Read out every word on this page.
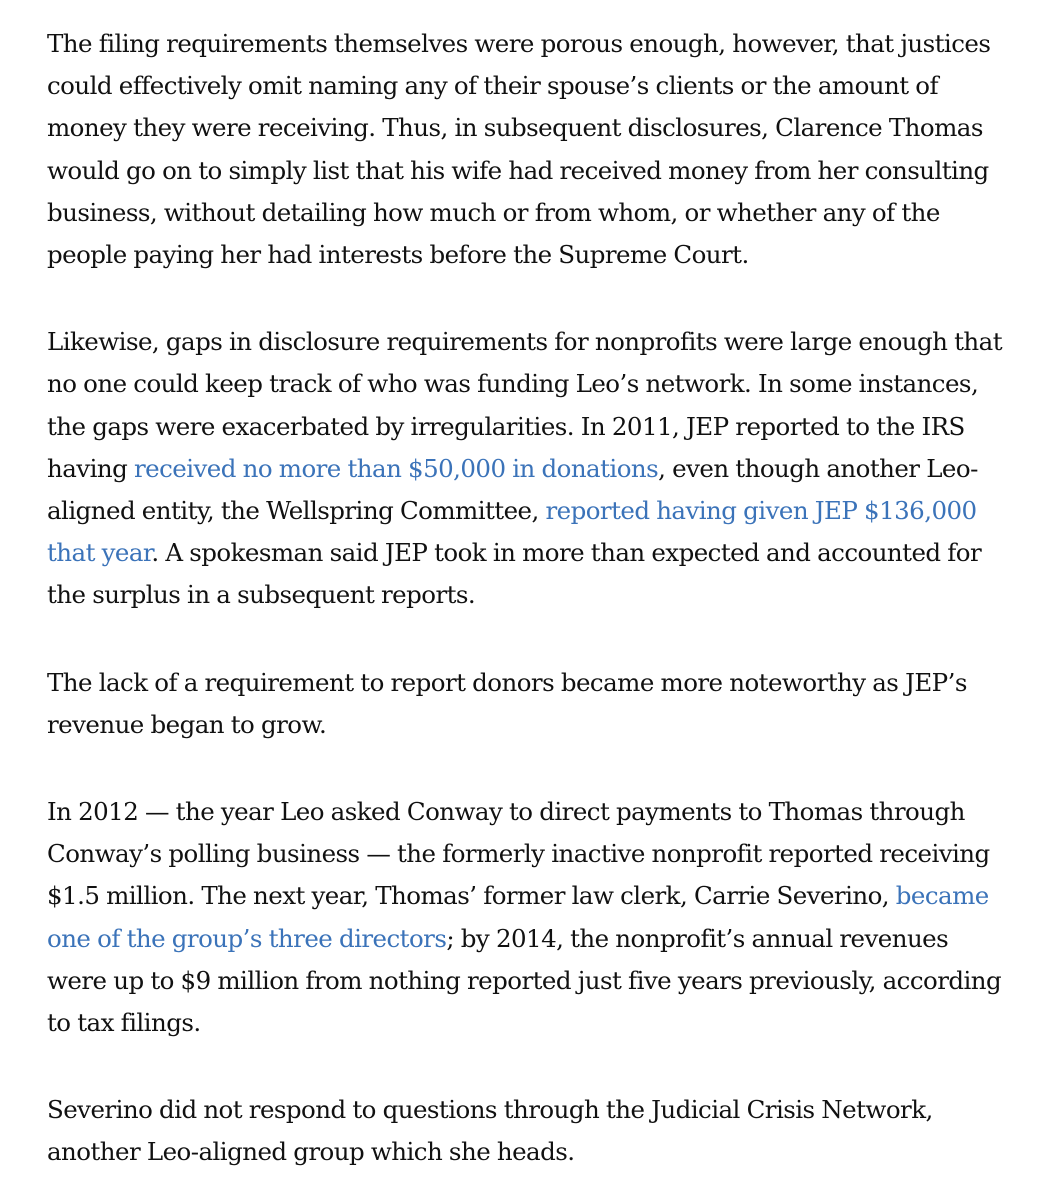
The filing requirements themselves were porous enough, however, that justices could effectively omit naming any of their spouse’s clients or the amount of money they were receiving. Thus, in subsequent disclosures, Clarence Thomas would go on to simply list that his wife had received money from her consulting business, without detailing how much or from whom, or whether any of the people paying her had interests before the Supreme Court.

Likewise, gaps in disclosure requirements for nonprofits were large enough that no one could keep track of who was funding Leo’s network. In some instances, the gaps were exacerbated by irregularities. In 2011, JEP reported to the IRS having received no more than $50,000 in donations, even though another Leo-aligned entity, the Wellspring Committee, reported having given JEP $136,000 that year. A spokesman said JEP took in more than expected and accounted for the surplus in a subsequent reports.

The lack of a requirement to report donors became more noteworthy as JEP’s revenue began to grow.

In 2012 — the year Leo asked Conway to direct payments to Thomas through Conway’s polling business — the formerly inactive nonprofit reported receiving $1.5 million. The next year, Thomas’ former law clerk, Carrie Severino, became one of the group’s three directors; by 2014, the nonprofit’s annual revenues were up to $9 million from nothing reported just five years previously, according to tax filings.

Severino did not respond to questions through the Judicial Crisis Network, another Leo-aligned group which she heads.
